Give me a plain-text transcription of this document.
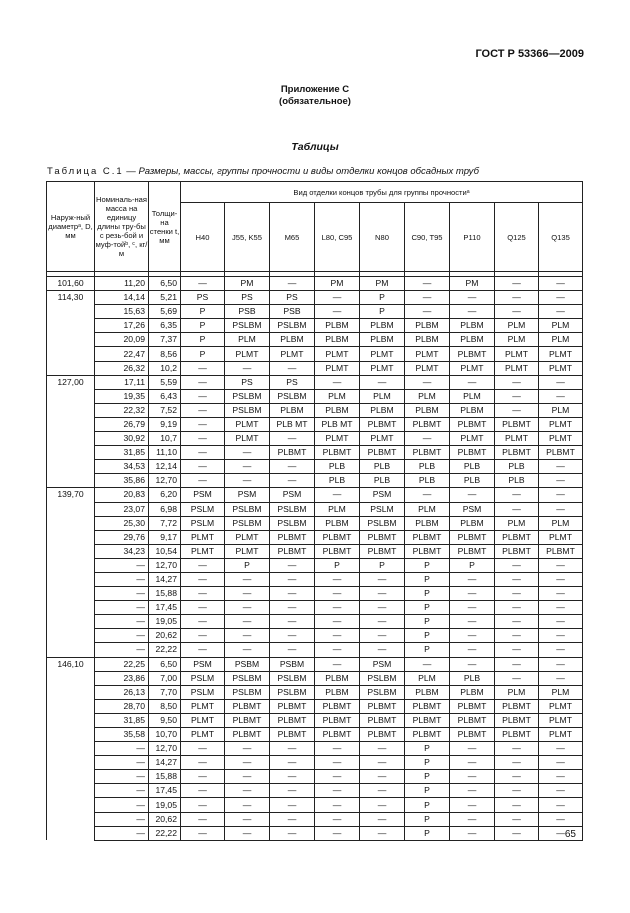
ГОСТ Р 53366—2009
Приложение С
(обязательное)
Таблицы
Таблица С.1 — Размеры, массы, группы прочности и виды отделки концов обсадных труб
Наруж-ный диаметрᵃ, D, мм	Номиналь-ная масса на единицу длины тру-бы с резь-бой и муф-тойᵇ, ᶜ, кг/м	Толщи-на стенки t, мм	Вид отделки концов трубы для группы прочностиᵃ								
			H40	J55, K55	M65	L80, C95	N80	C90, T95	P110	Q125	Q135

101,60	11,20	6,50	—	PM	—	PM	PM	—	PM	—	—
114,30	14,14	5,21	PS	PS	PS	—	P	—	—	—	—
	15,63	5,69	P	PSB	PSB	—	P	—	—	—	—
	17,26	6,35	P	PSLBM	PSLBM	PLBM	PLBM	PLBM	PLBM	PLM	PLM
	20,09	7,37	P	PLM	PLBM	PLBM	PLBM	PLBM	PLBM	PLM	PLM
	22,47	8,56	P	PLMT	PLMT	PLMT	PLMT	PLMT	PLBMT	PLMT	PLMT
	26,32	10,2	—	—	—	PLMT	PLMT	PLMT	PLMT	PLMT	PLMT
127,00	17,11	5,59	—	PS	PS	—	—	—	—	—	—
	19,35	6,43	—	PSLBM	PSLBM	PLM	PLM	PLM	PLM	—	—
	22,32	7,52	—	PSLBM	PLBM	PLBM	PLBM	PLBM	PLBM	—	PLM
	26,79	9,19	—	PLMT	PLB MT	PLB MT	PLBMT	PLBMT	PLBMT	PLBMT	PLMT
	30,92	10,7	—	PLMT	—	PLMT	PLMT	—	PLMT	PLMT	PLMT
	31,85	11,10	—	—	PLBMT	PLBMT	PLBMT	PLBMT	PLBMT	PLBMT	PLBMT
	34,53	12,14	—	—	—	PLB	PLB	PLB	PLB	PLB	—
	35,86	12,70	—	—	—	PLB	PLB	PLB	PLB	PLB	—
139,70	20,83	6,20	PSM	PSM	PSM	—	PSM	—	—	—	—
	23,07	6,98	PSLM	PSLBM	PSLBM	PLM	PSLM	PLM	PSM	—	—
	25,30	7,72	PSLM	PSLBM	PSLBM	PLBM	PSLBM	PLBM	PLBM	PLM	PLM
	29,76	9,17	PLMT	PLMT	PLBMT	PLBMT	PLBMT	PLBMT	PLBMT	PLBMT	PLMT
	34,23	10,54	PLMT	PLMT	PLBMT	PLBMT	PLBMT	PLBMT	PLBMT	PLBMT	PLBMT
	—	12,70	—	P	—	P	P	P	P	—	—
	—	14,27	—	—	—	—	—	P	—	—	—
	—	15,88	—	—	—	—	—	P	—	—	—
	—	17,45	—	—	—	—	—	P	—	—	—
	—	19,05	—	—	—	—	—	P	—	—	—
	—	20,62	—	—	—	—	—	P	—	—	—
	—	22,22	—	—	—	—	—	P	—	—	—
146,10	22,25	6,50	PSM	PSBM	PSBM	—	PSM	—	—	—	—
	23,86	7,00	PSLM	PSLBM	PSLBM	PLBM	PSLBM	PLM	PLB	—	—
	26,13	7,70	PSLM	PSLBM	PSLBM	PLBM	PSLBM	PLBM	PLBM	PLM	PLM
	28,70	8,50	PLMT	PLBMT	PLBMT	PLBMT	PLBMT	PLBMT	PLBMT	PLBMT	PLMT
	31,85	9,50	PLMT	PLBMT	PLBMT	PLBMT	PLBMT	PLBMT	PLBMT	PLBMT	PLMT
	35,58	10,70	PLMT	PLBMT	PLBMT	PLBMT	PLBMT	PLBMT	PLBMT	PLBMT	PLMT
	—	12,70	—	—	—	—	—	P	—	—	—
	—	14,27	—	—	—	—	—	P	—	—	—
	—	15,88	—	—	—	—	—	P	—	—	—
	—	17,45	—	—	—	—	—	P	—	—	—
	—	19,05	—	—	—	—	—	P	—	—	—
	—	20,62	—	—	—	—	—	P	—	—	—
	—	22,22	—	—	—	—	—	P	—	—	— 65
